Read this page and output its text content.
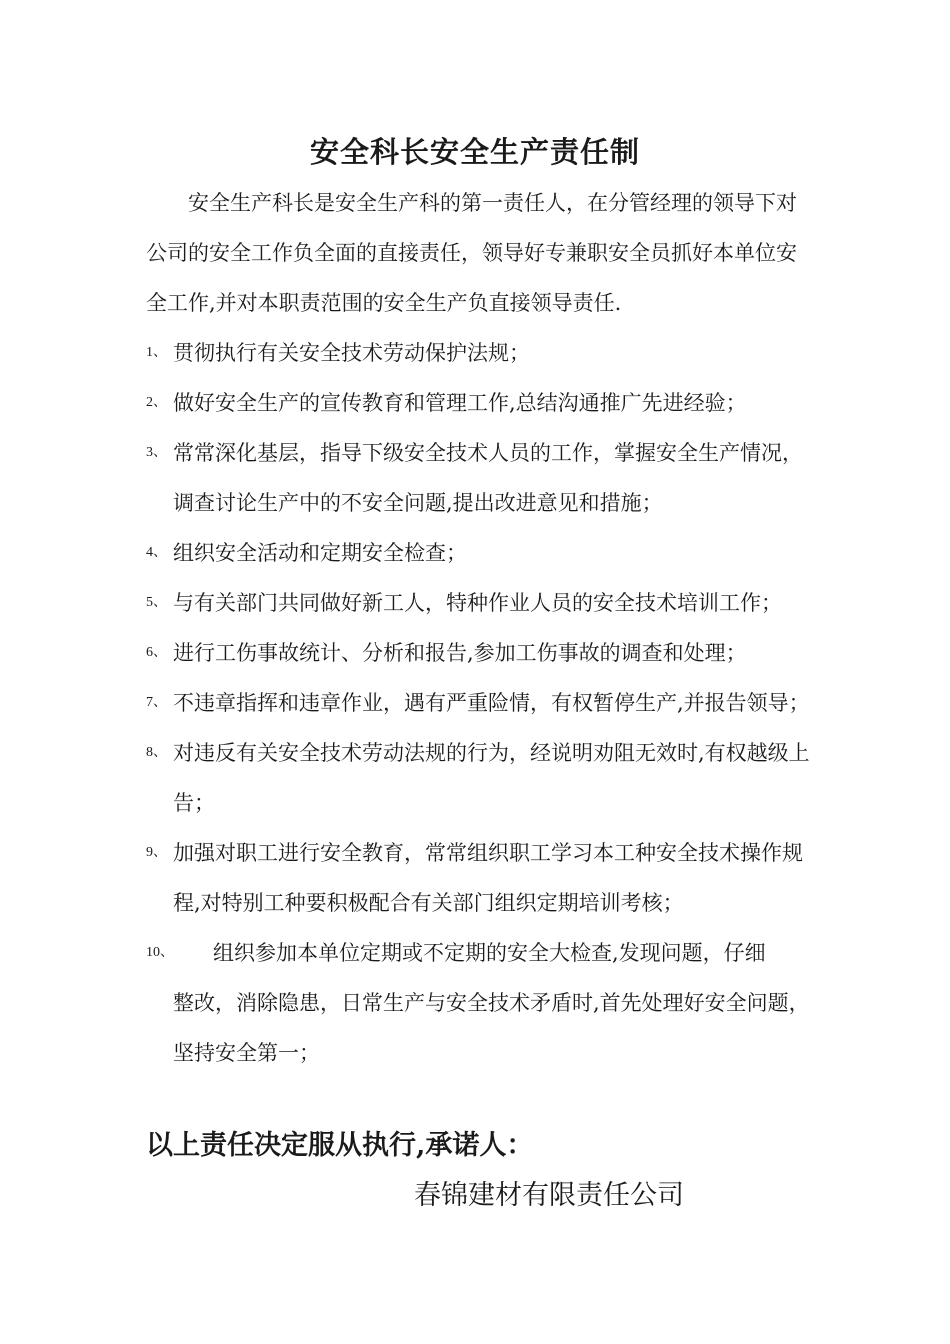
安全科长安全生产责任制
安全生产科长是安全生产科的第一责任人，在分管经理的领导下对公司的安全工作负全面的直接责任，领导好专兼职安全员抓好本单位安全工作,并对本职责范围的安全生产负直接领导责任.
1、 贯彻执行有关安全技术劳动保护法规；
2、 做好安全生产的宣传教育和管理工作,总结沟通推广先进经验；
3、 常常深化基层，指导下级安全技术人员的工作，掌握安全生产情况，调查讨论生产中的不安全问题,提出改进意见和措施；
4、 组织安全活动和定期安全检查；
5、 与有关部门共同做好新工人，特种作业人员的安全技术培训工作；
6、 进行工伤事故统计、分析和报告,参加工伤事故的调查和处理；
7、 不违章指挥和违章作业，遇有严重险情，有权暂停生产,并报告领导；
8、 对违反有关安全技术劳动法规的行为，经说明劝阻无效时,有权越级上告；
9、 加强对职工进行安全教育，常常组织职工学习本工种安全技术操作规程,对特别工种要积极配合有关部门组织定期培训考核；
10、	组织参加本单位定期或不定期的安全大检查,发现问题，仔细
整改，消除隐患，日常生产与安全技术矛盾时,首先处理好安全问题，坚持安全第一；
以上责任决定服从执行,承诺人：
春锦建材有限责任公司
